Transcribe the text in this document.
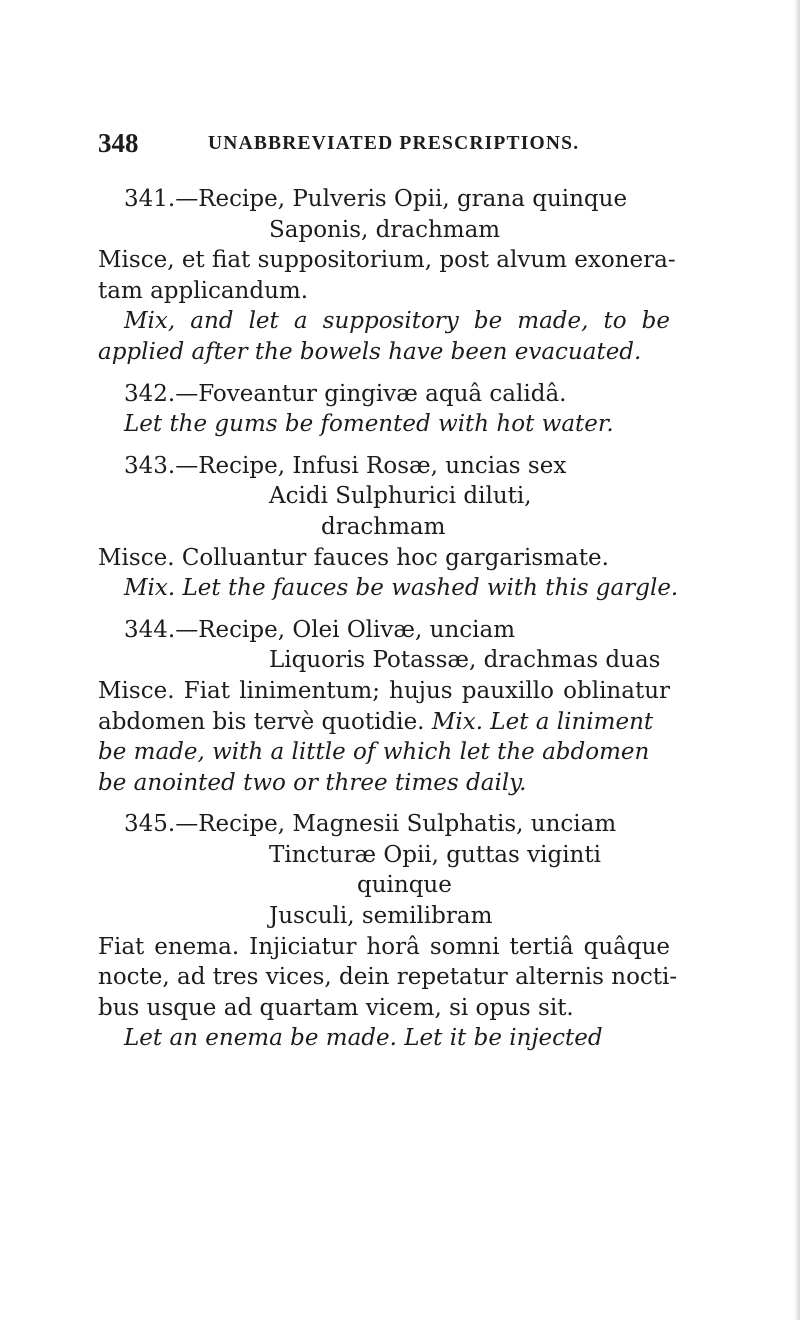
348	UNABBREVIATED PRESCRIPTIONS.
341.—Recipe, Pulveris Opii, grana quinque
Saponis, drachmam
Misce, et fiat suppositorium, post alvum exonera-
tam applicandum.
Mix, and let a suppository be made, to be
applied after the bowels have been evacuated.
342.—Foveantur gingivæ aquâ calidâ.
Let the gums be fomented with hot water.
343.—Recipe, Infusi Rosæ, uncias sex
Acidi Sulphurici diluti,
drachmam
Misce. Colluantur fauces hoc gargarismate.
Mix. Let the fauces be washed with this gargle.
344.—Recipe, Olei Olivæ, unciam
Liquoris Potassæ, drachmas duas
Misce. Fiat linimentum; hujus pauxillo oblinatur
abdomen bis tervè quotidie. Mix. Let a liniment
be made, with a little of which let the abdomen
be anointed two or three times daily.
345.—Recipe, Magnesii Sulphatis, unciam
Tincturæ Opii, guttas viginti
quinque
Jusculi, semilibram
Fiat enema. Injiciatur horâ somni tertiâ quâque
nocte, ad tres vices, dein repetatur alternis nocti-
bus usque ad quartam vicem, si opus sit.
Let an enema be made. Let it be injected
